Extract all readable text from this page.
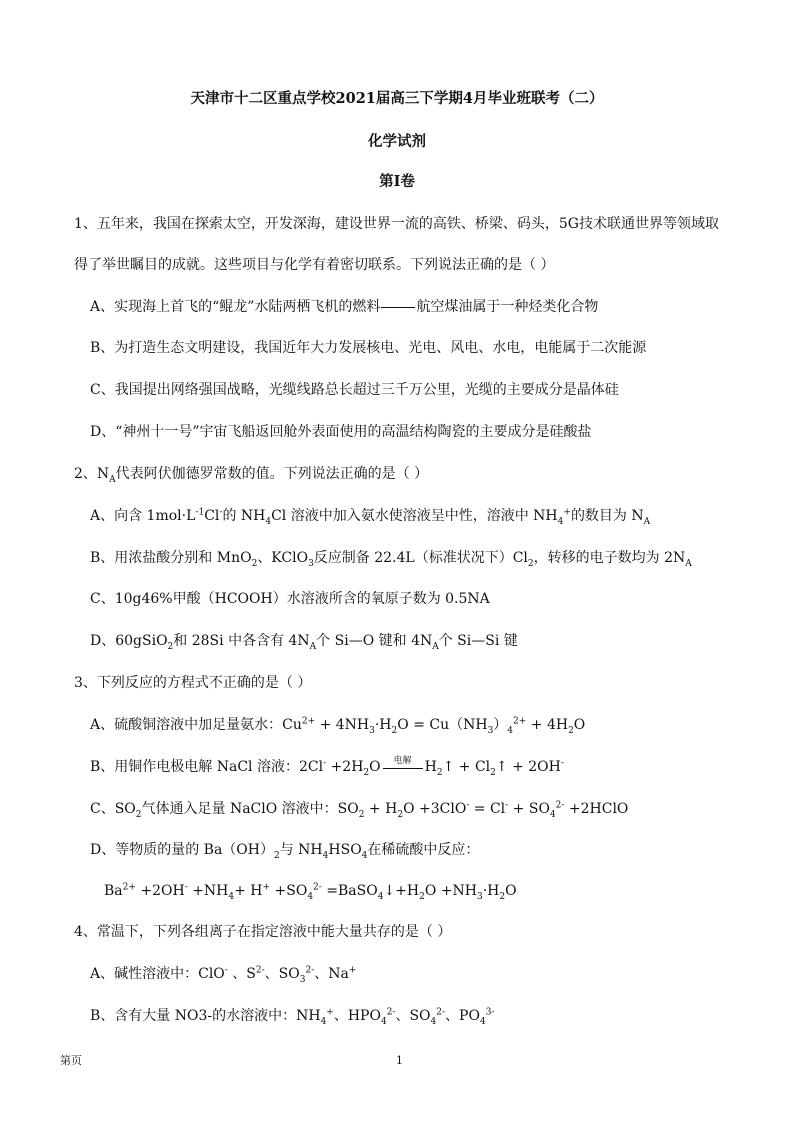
天津市十二区重点学校2021届高三下学期4月毕业班联考（二）
化学试剂
第I卷
1、五年来，我国在探索太空，开发深海，建设世界一流的高铁、桥梁、码头，5G技术联通世界等领域取
得了举世瞩目的成就。这些项目与化学有着密切联系。下列说法正确的是（ ）
A、实现海上首飞的“鲲龙”水陆两栖飞机的燃料	航空煤油属于一种烃类化合物
B、为打造生态文明建设，我国近年大力发展核电、光电、风电、水电，电能属于二次能源
C、我国提出网络强国战略，光缆线路总长超过三千万公里，光缆的主要成分是晶体硅
D、“神州十一号”宇宙飞船返回舱外表面使用的高温结构陶瓷的主要成分是硅酸盐
2、$N_A$代表阿伏伽德罗常数的值。下列说法正确的是（ ）
A、向含 $1mol\cdot L^{-1}Cl^-$的 $NH_4Cl$ 溶液中加入氨水使溶液呈中性，溶液中 $NH_4^+$的数目为 $N_A$
B、用浓盐酸分别和 MnO$_2$、KClO$_3$反应制备 22.4L（标准状况下）$Cl_2$，转移的电子数均为 $2N_A$
C、10g46%甲酸（HCOOH）水溶液所含的氧原子数为 0.5NA
D、60gSiO$_2$和 28Si 中各含有 $4N_A$个 Si—O 键和 $4N_A$个 Si—Si 键
3、下列反应的方程式不正确的是（ ）
A、硫酸铜溶液中加足量氨水：$Cu^{2+} + 4NH_3\cdot H_2O = Cu(NH_3)_4^{2+} + 4H_2O$
B、用铜作电极电解 NaCl 溶液：$2Cl^- +2H_2O$	电解 $H_2↑$ + $Cl_2↑ + 2OH^-$
C、$SO_2$气体通入足量 NaClO 溶液中：$SO_2 + H_2O +3ClO^- = Cl^- + SO_4^{2-}$ +2HClO
D、等物质的量的 $Ba(OH)_2$与 $NH_4HSO_4$在稀硫酸中反应：
$Ba^{2+} +2OH^- +NH_4+ H^+ +SO_4^{2-}$ $=BaSO_4↓+H_2O +NH_3\cdot H_2O$
4、常温下，下列各组离子在指定溶液中能大量共存的是（ ）
A、碱性溶液中：ClO- 、$S^{2-}$、$SO_3^{2-}$、Na+
B、含有大量 NO3-的水溶液中：$NH_4^+$、$HPO_4^{2-}$、$SO_4^{2-}$、$PO_4^{3-}$
第页	1
